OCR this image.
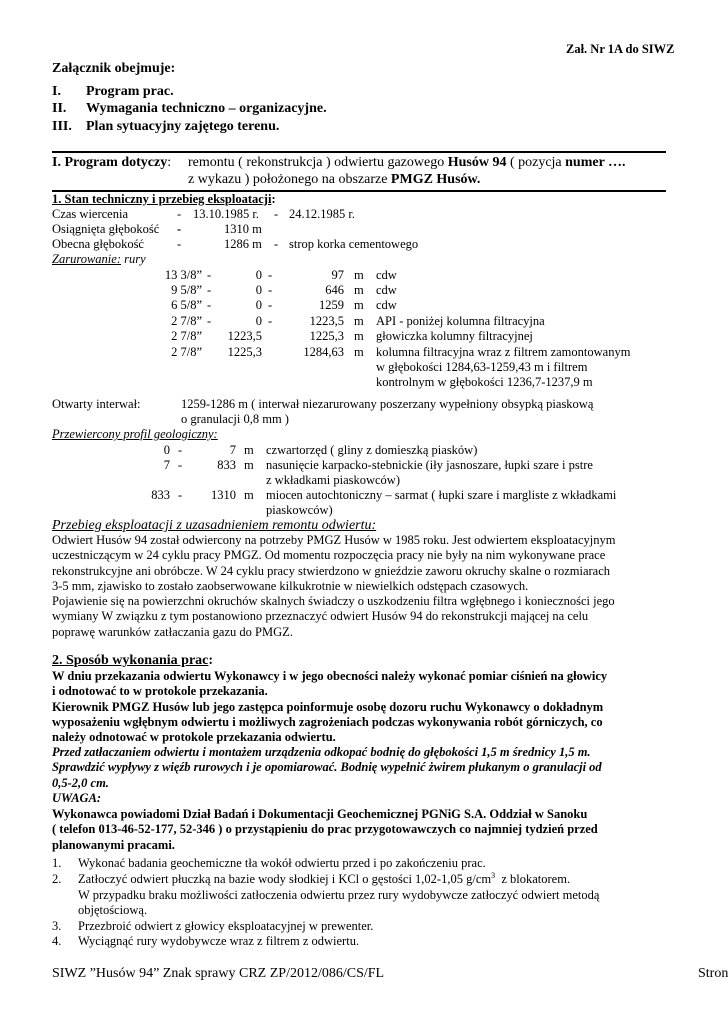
Zał. Nr 1A do SIWZ
Załącznik obejmuje:
I. Program prac.
II. Wymagania techniczno – organizacyjne.
III. Plan sytuacyjny zajętego terenu.
I. Program dotyczy: remontu ( rekonstrukcja ) odwiertu gazowego Husów 94 ( pozycja numer ….
z wykazu ) położonego na obszarze PMGZ Husów.
1. Stan techniczny i przebieg eksploatacji:
Czas wiercenia	- 13.10.1985 r. - 24.12.1985 r.
Osiągnięta głębokość -	1310 m
Obecna głębokość	-	1286 m - strop korka cementowego
Zarurowanie: rury
13 3/8” -	0 -	97 m cdw
9 5/8” -	0 -	646 m cdw
6 5/8” -	0 -	1259 m cdw
2 7/8” -	0 -	1223,5 m API - poniżej kolumna filtracyjna
2 7/8”	1223,5	1225,3 m głowiczka kolumny filtracyjnej
2 7/8”	1225,3	1284,63 m kolumna filtracyjna wraz z filtrem zamontowanym
w głębokości 1284,63-1259,43 m i filtrem
kontrolnym w głębokości 1236,7-1237,9 m
Otwarty interwał:	1259-1286 m ( interwał niezarurowany poszerzany wypełniony obsypką piaskową
o granulacji 0,8 mm )
Przewiercony profil geologiczny:
0 -	7 m czwartorzęd ( gliny z domieszką piasków)
7 -	833 m nasunięcie karpacko-stebnickie (iły jasnoszare, łupki szare i pstre
z wkładkami piaskowców)
833 -	1310 m miocen autochtoniczny – sarmat ( łupki szare i margliste z wkładkami
piaskowców)
Przebieg eksploatacji z uzasadnieniem remontu odwiertu:
Odwiert Husów 94 został odwiercony na potrzeby PMGZ Husów w 1985 roku. Jest odwiertem eksploatacyjnym
uczestniczącym w 24 cyklu pracy PMGZ. Od momentu rozpoczęcia pracy nie były na nim wykonywane prace
rekonstrukcyjne ani obróbcze. W 24 cyklu pracy stwierdzono w gnieździe zaworu okruchy skalne o rozmiarach
3-5 mm, zjawisko to zostało zaobserwowane kilkukrotnie w niewielkich odstępach czasowych.
Pojawienie się na powierzchni okruchów skalnych świadczy o uszkodzeniu filtra wgłębnego i konieczności jego
wymiany W związku z tym postanowiono przeznaczyć odwiert Husów 94 do rekonstrukcji mającej na celu
poprawę warunków zatłaczania gazu do PMGZ.
2. Sposób wykonania prac:
W dniu przekazania odwiertu Wykonawcy i w jego obecności należy wykonać pomiar ciśnień na głowicy
i odnotować to w protokole przekazania.
Kierownik PMGZ Husów lub jego zastępca poinformuje osobę dozoru ruchu Wykonawcy o dokładnym
wyposażeniu wgłębnym odwiertu i możliwych zagrożeniach podczas wykonywania robót górniczych, co
należy odnotować w protokole przekazania odwiertu.
Przed zatłaczaniem odwiertu i montażem urządzenia odkopać bodnię do głębokości 1,5 m średnicy 1,5 m.
Sprawdzić wypływy z więźb rurowych i je opomiarować. Bodnię wypełnić żwirem płukanym o granulacji od
0,5-2,0 cm.
UWAGA:
Wykonawca powiadomi Dział Badań i Dokumentacji Geochemicznej PGNiG S.A. Oddział w Sanoku
( telefon 013-46-52-177, 52-346 ) o przystąpieniu do prac przygotowawczych co najmniej tydzień przed
planowanymi pracami.
1. Wykonać badania geochemiczne tła wokół odwiertu przed i po zakończeniu prac.
2. Zatłoczyć odwiert płuczką na bazie wody słodkiej i KCl o gęstości 1,02-1,05 $g/cm^3$  z blokatorem.
W przypadku braku możliwości zatłoczenia odwiertu przez rury wydobywcze zatłoczyć odwiert metodą
objętościową.
3. Przezbroić odwiert z głowicy eksploatacyjnej w prewenter.
4. Wyciągnąć rury wydobywcze wraz z filtrem z odwiertu.
SIWZ ”Husów 94” Znak sprawy CRZ ZP/2012/086/CS/FL	Stron
